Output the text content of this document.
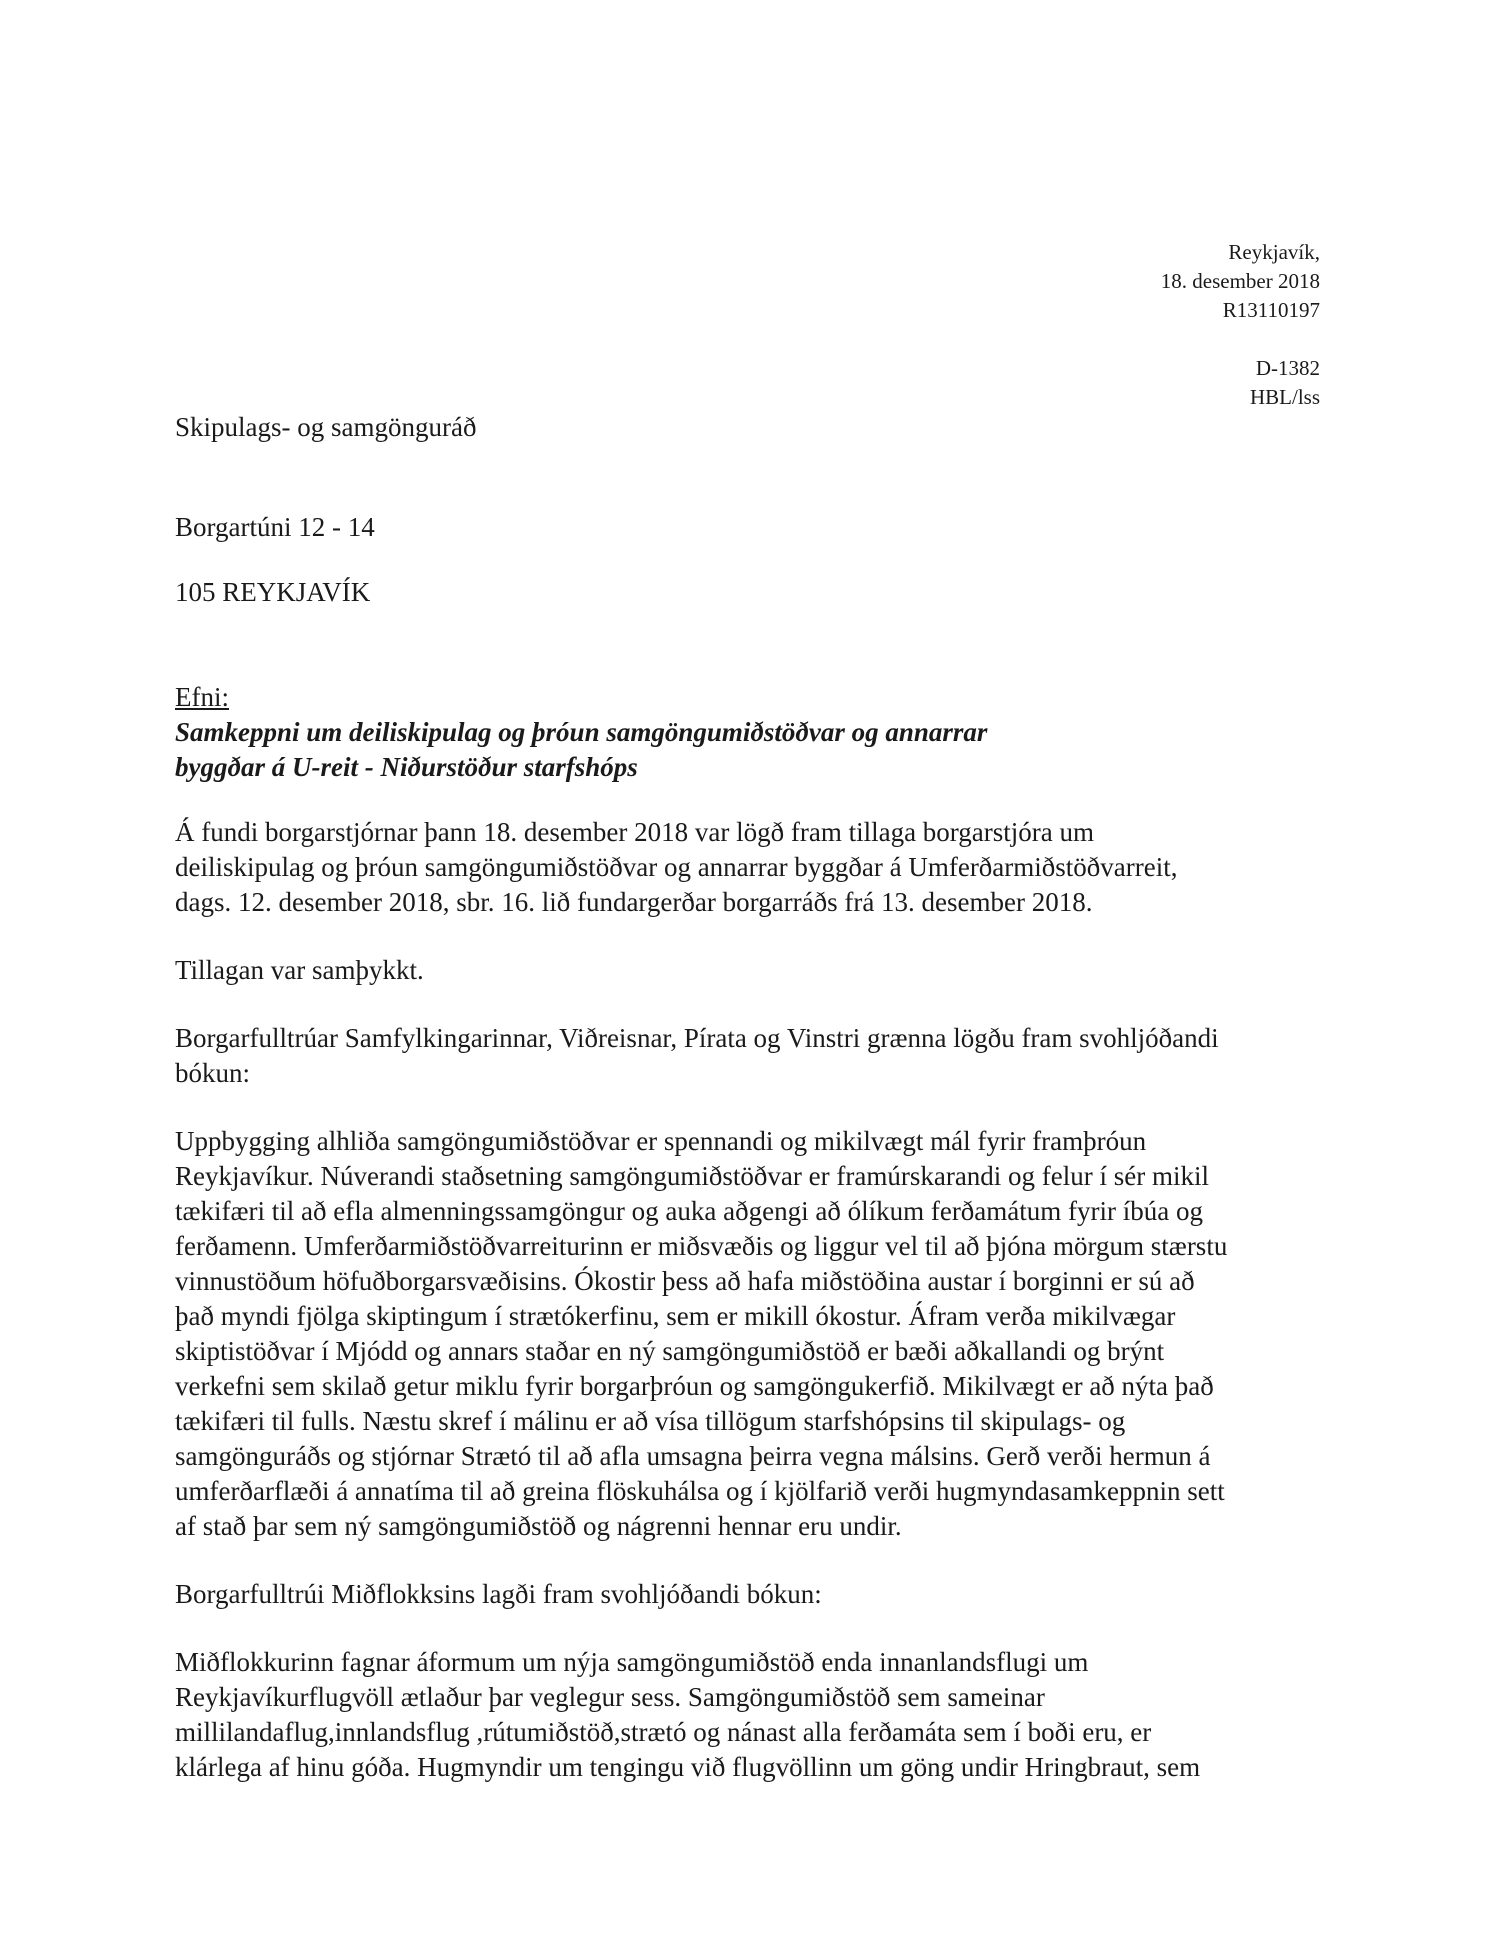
Reykjavík,
18. desember 2018
R13110197
D-1382
HBL/lss
Skipulags- og samgönguráð
Borgartúni 12 - 14
105 REYKJAVÍK
Efni:
Samkeppni um deiliskipulag og þróun samgöngumiðstöðvar og annarrar
byggðar á U-reit - Niðurstöður starfshóps

Á fundi borgarstjórnar þann 18. desember 2018 var lögð fram tillaga borgarstjóra um
deiliskipulag og þróun samgöngumiðstöðvar og annarrar byggðar á Umferðarmiðstöðvarreit,
dags. 12. desember 2018, sbr. 16. lið fundargerðar borgarráðs frá 13. desember 2018.

Tillagan var samþykkt.

Borgarfulltrúar Samfylkingarinnar, Viðreisnar, Pírata og Vinstri grænna lögðu fram svohljóðandi
bókun:

Uppbygging alhliða samgöngumiðstöðvar er spennandi og mikilvægt mál fyrir framþróun
Reykjavíkur. Núverandi staðsetning samgöngumiðstöðvar er framúrskarandi og felur í sér mikil
tækifæri til að efla almenningssamgöngur og auka aðgengi að ólíkum ferðamátum fyrir íbúa og
ferðamenn. Umferðarmiðstöðvarreiturinn er miðsvæðis og liggur vel til að þjóna mörgum stærstu
vinnustöðum höfuðborgarsvæðisins. Ókostir þess að hafa miðstöðina austar í borginni er sú að
það myndi fjölga skiptingum í strætókerfinu, sem er mikill ókostur. Áfram verða mikilvægar
skiptistöðvar í Mjódd og annars staðar en ný samgöngumiðstöð er bæði aðkallandi og brýnt
verkefni sem skilað getur miklu fyrir borgarþróun og samgöngukerfið. Mikilvægt er að nýta það
tækifæri til fulls. Næstu skref í málinu er að vísa tillögum starfshópsins til skipulags- og
samgönguráðs og stjórnar Strætó til að afla umsagna þeirra vegna málsins. Gerð verði hermun á
umferðarflæði á annatíma til að greina flöskuhálsa og í kjölfarið verði hugmyndasamkeppnin sett
af stað þar sem ný samgöngumiðstöð og nágrenni hennar eru undir.

Borgarfulltrúi Miðflokksins lagði fram svohljóðandi bókun:

Miðflokkurinn fagnar áformum um nýja samgöngumiðstöð enda innanlandsflugi um
Reykjavíkurflugvöll ætlaður þar veglegur sess. Samgöngumiðstöð sem sameinar
millilandaflug,innlandsflug ,rútumiðstöð,strætó og nánast alla ferðamáta sem í boði eru, er
klárlega af hinu góða. Hugmyndir um tengingu við flugvöllinn um göng undir Hringbraut, sem
